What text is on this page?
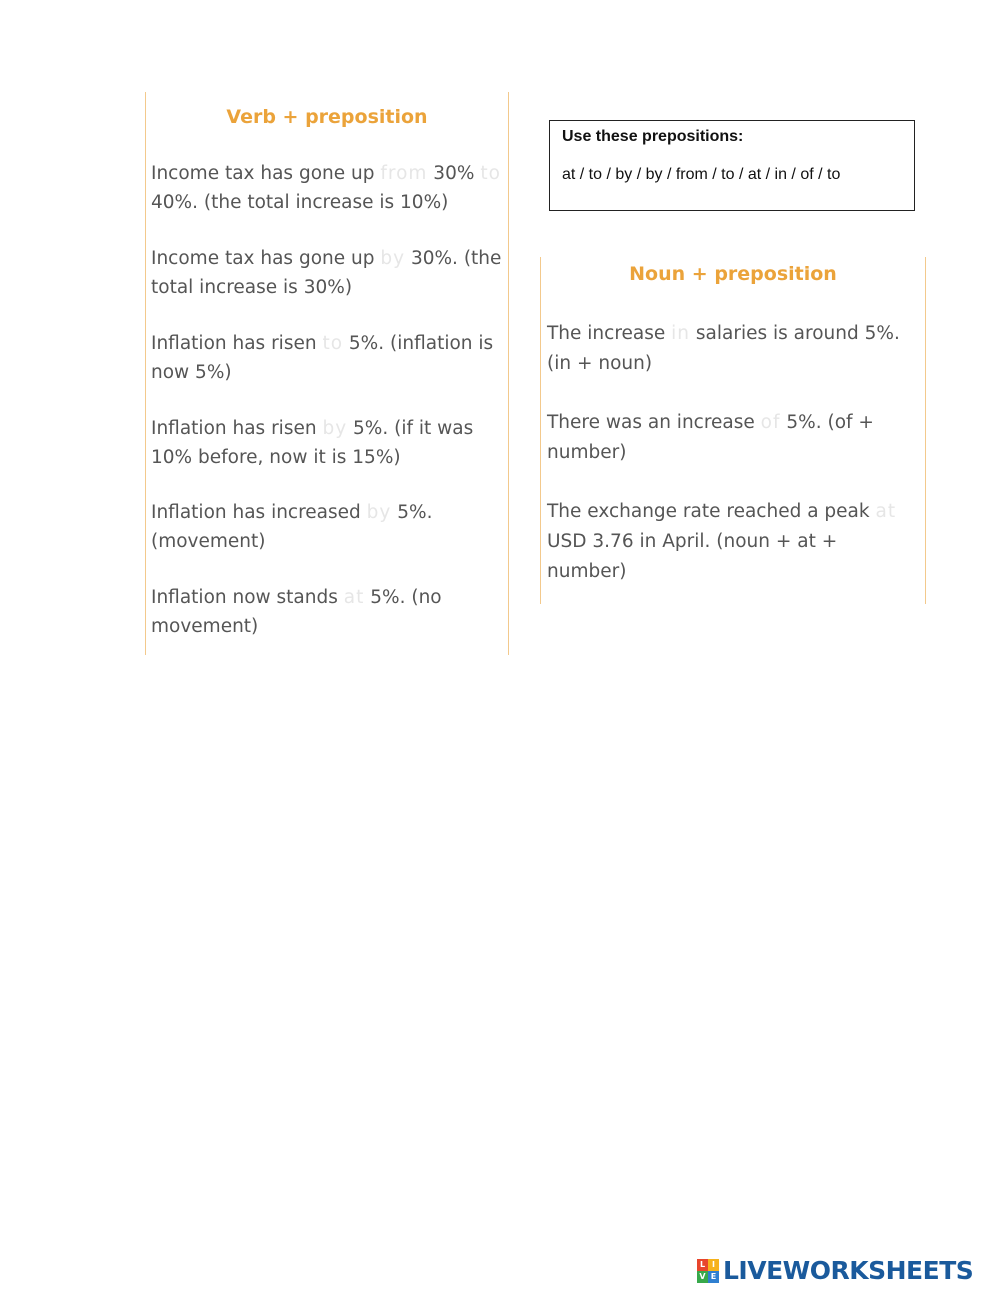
Verb + preposition

Income tax has gone up from 30% to
40%. (the total increase is 10%)

Income tax has gone up by 30%. (the
total increase is 30%)

Inflation has risen to 5%. (inflation is
now 5%)

Inflation has risen by 5%. (if it was
10% before, now it is 15%)

Inflation has increased by 5%.
(movement)

Inflation now stands at 5%. (no
movement)

Use these prepositions:
at / to / by / by / from / to / at / in / of / to
Noun + preposition

The increase in salaries is around 5%.
(in + noun)

There was an increase of 5%. (of +
number)

The exchange rate reached a peak at
USD 3.76 in April. (noun + at +
number)

L I
V E LIVEWORKSHEETS
